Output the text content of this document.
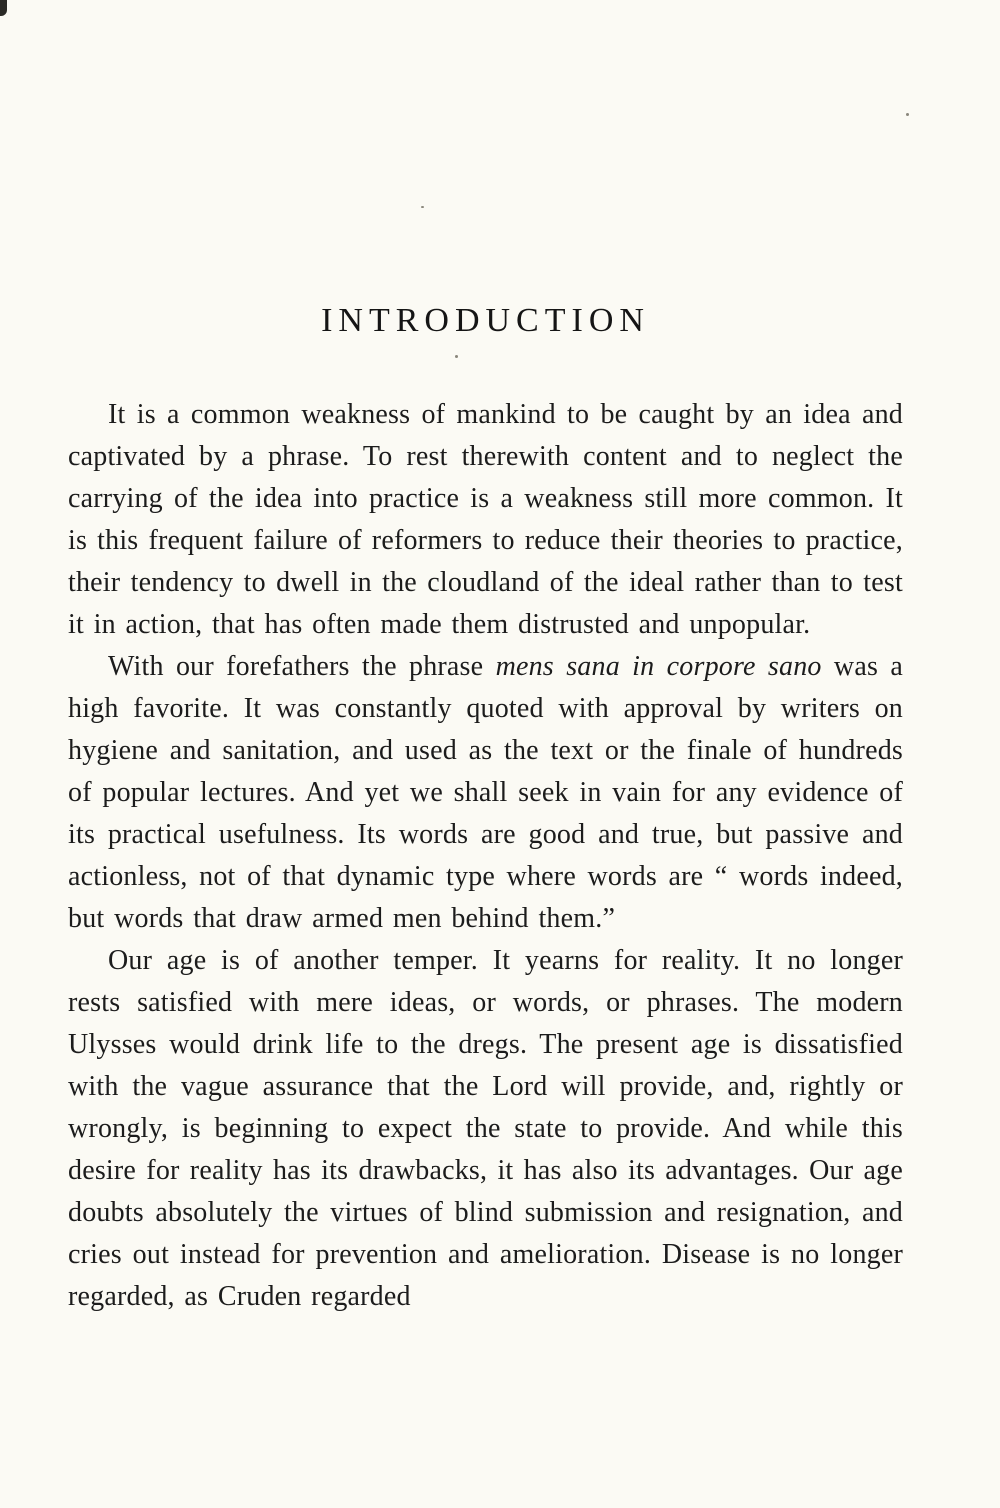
INTRODUCTION

It is a common weakness of mankind to be caught by an idea and captivated by a phrase. To rest therewith content and to neglect the carrying of the idea into practice is a weakness still more common. It is this frequent failure of reformers to reduce their theories to practice, their tendency to dwell in the cloudland of the ideal rather than to test it in action, that has often made them distrusted and unpopular.

With our forefathers the phrase mens sana in corpore sano was a high favorite. It was constantly quoted with approval by writers on hygiene and sanitation, and used as the text or the finale of hundreds of popular lectures. And yet we shall seek in vain for any evidence of its practical usefulness. Its words are good and true, but passive and actionless, not of that dynamic type where words are “ words indeed, but words that draw armed men behind them.”

Our age is of another temper. It yearns for reality. It no longer rests satisfied with mere ideas, or words, or phrases. The modern Ulysses would drink life to the dregs. The present age is dissatisfied with the vague assurance that the Lord will provide, and, rightly or wrongly, is beginning to expect the state to provide. And while this desire for reality has its drawbacks, it has also its advantages. Our age doubts absolutely the virtues of blind submission and resignation, and cries out instead for prevention and amelioration. Disease is no longer regarded, as Cruden regarded
